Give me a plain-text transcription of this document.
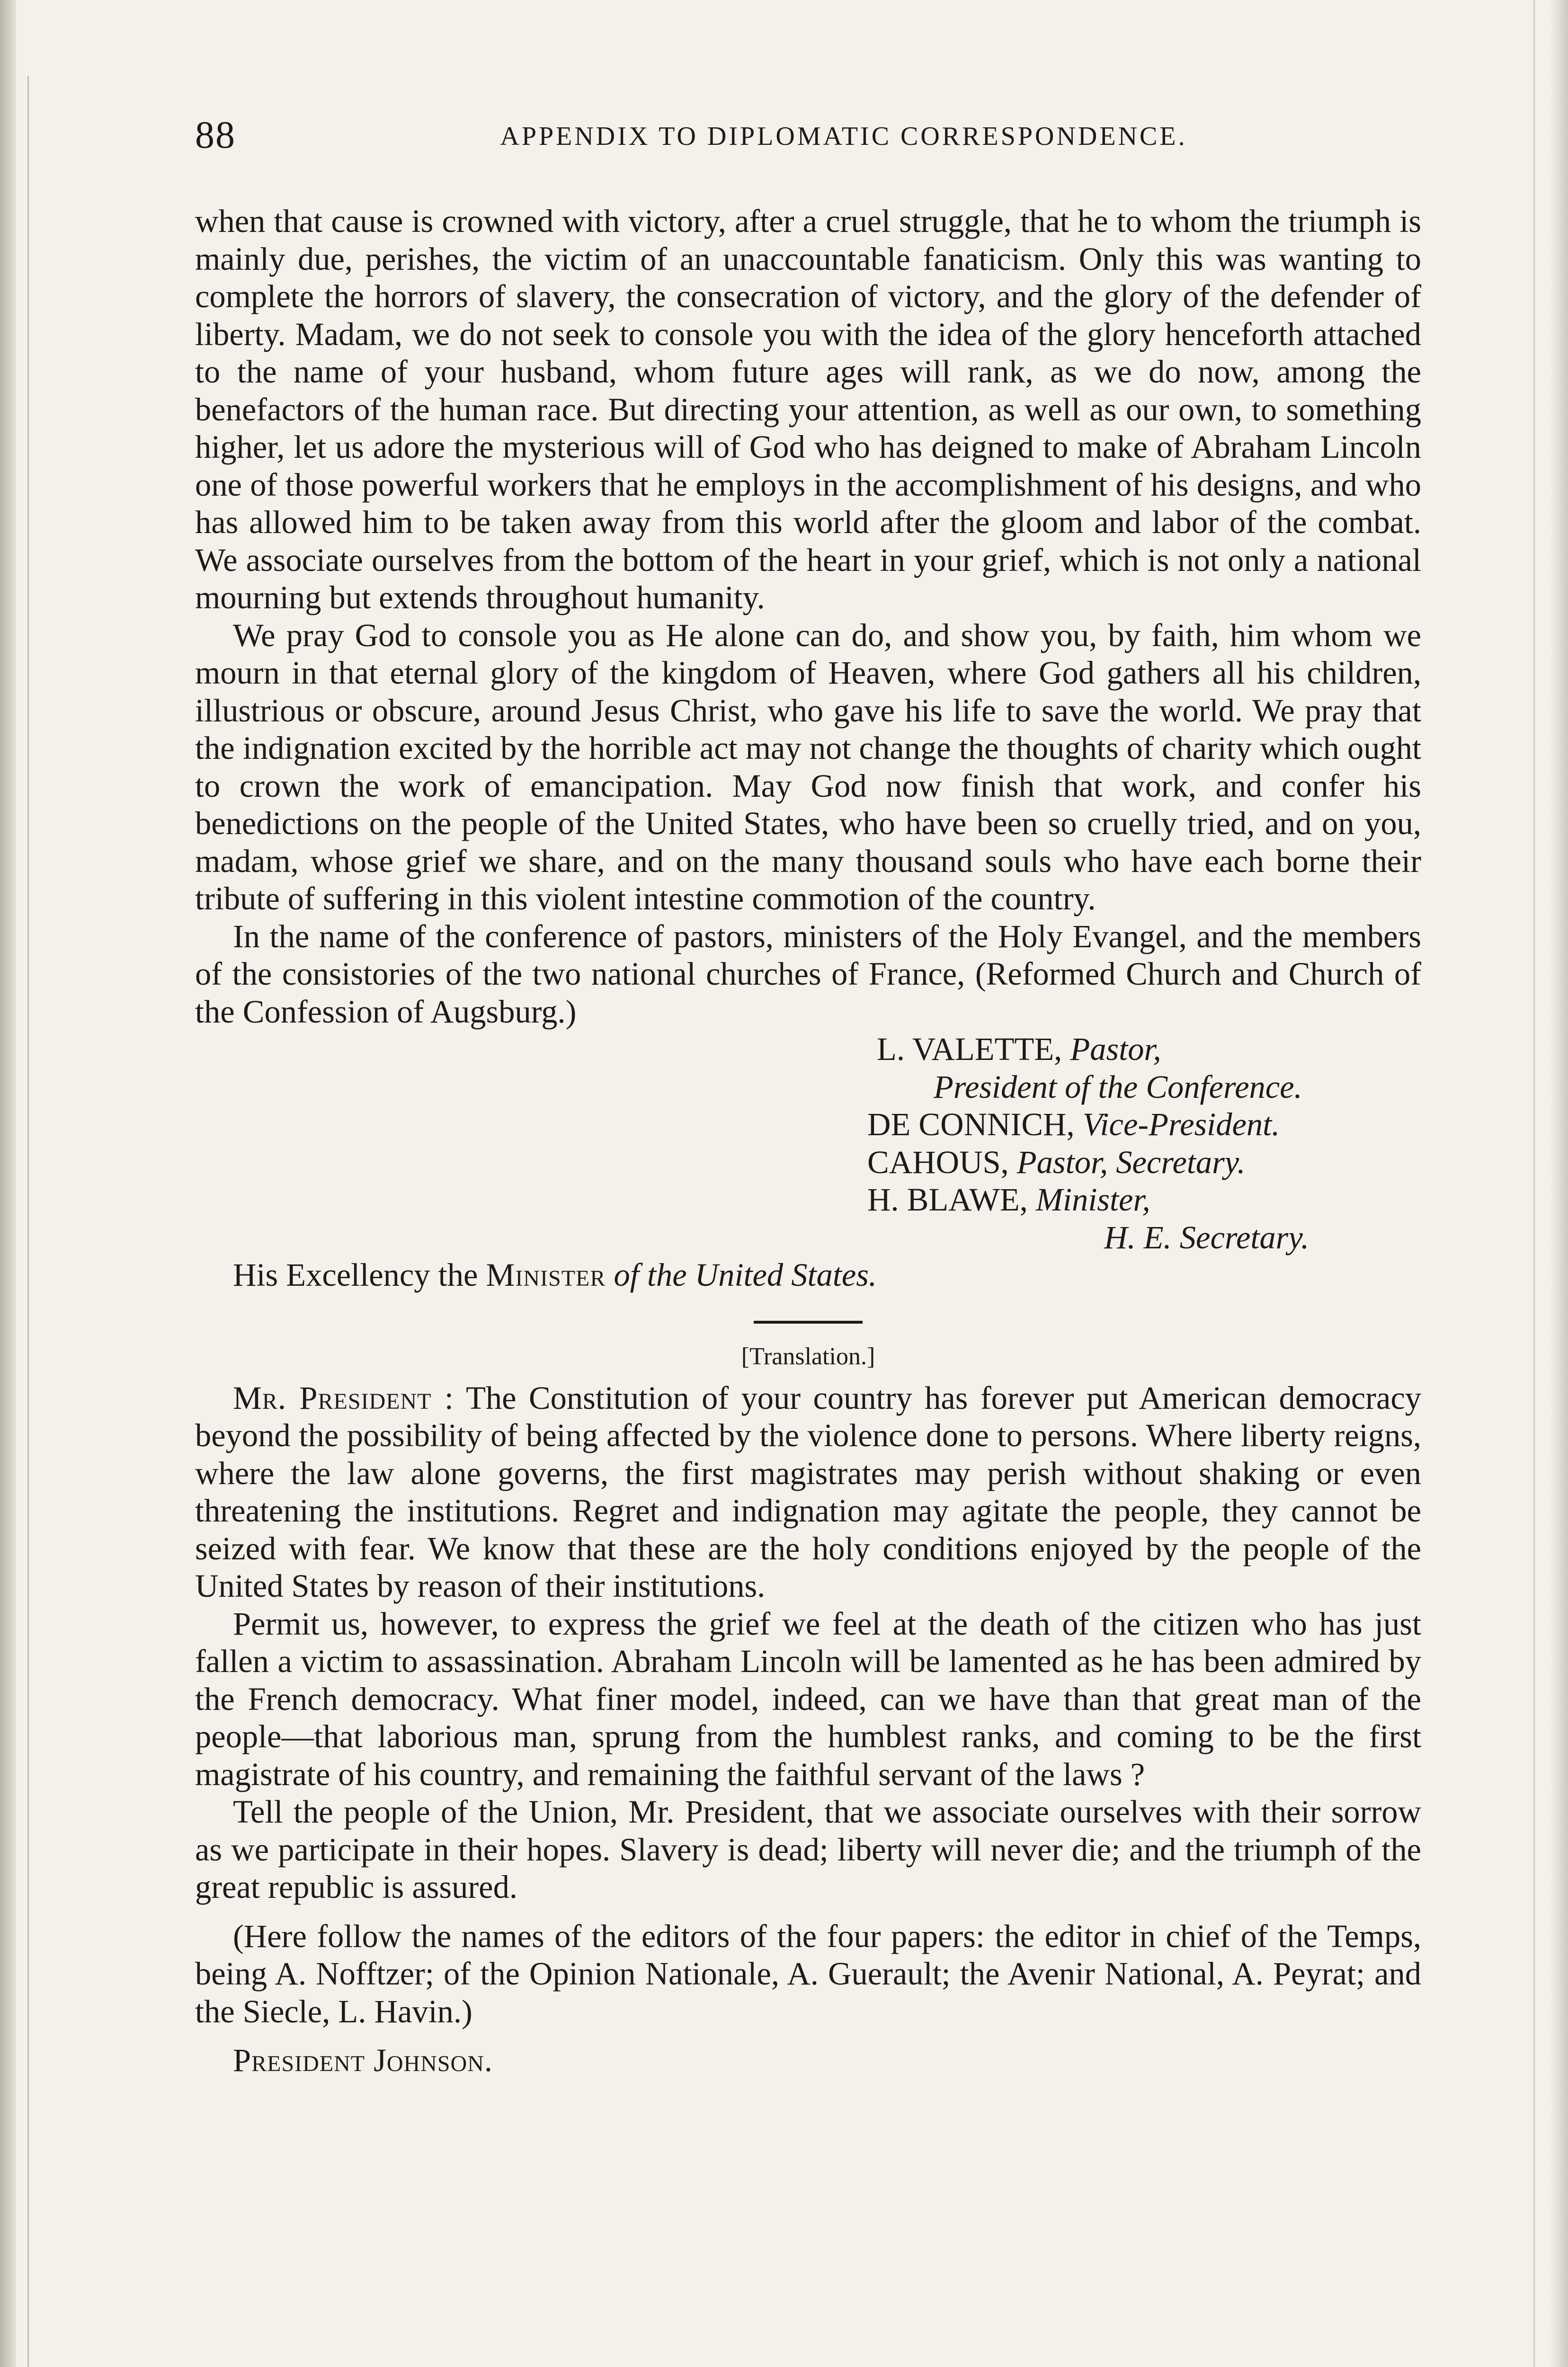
88	APPENDIX TO DIPLOMATIC CORRESPONDENCE.

when that cause is crowned with victory, after a cruel struggle, that he to whom the triumph is mainly due, perishes, the victim of an unaccountable fanaticism. Only this was wanting to complete the horrors of slavery, the consecration of victory, and the glory of the defender of liberty. Madam, we do not seek to console you with the idea of the glory henceforth attached to the name of your husband, whom future ages will rank, as we do now, among the benefactors of the human race. But directing your attention, as well as our own, to something higher, let us adore the mysterious will of God who has deigned to make of Abraham Lincoln one of those powerful workers that he employs in the accomplishment of his designs, and who has allowed him to be taken away from this world after the gloom and labor of the combat. We associate ourselves from the bottom of the heart in your grief, which is not only a national mourning but extends throughout humanity.

We pray God to console you as He alone can do, and show you, by faith, him whom we mourn in that eternal glory of the kingdom of Heaven, where God gathers all his children, illustrious or obscure, around Jesus Christ, who gave his life to save the world. We pray that the indignation excited by the horrible act may not change the thoughts of charity which ought to crown the work of emancipation. May God now finish that work, and confer his benedictions on the people of the United States, who have been so cruelly tried, and on you, madam, whose grief we share, and on the many thousand souls who have each borne their tribute of suffering in this violent intestine commotion of the country.

In the name of the conference of pastors, ministers of the Holy Evangel, and the members of the consistories of the two national churches of France, (Reformed Church and Church of the Confession of Augsburg.)

L. VALETTE, Pastor,

President of the Conference.

DE CONNICH, Vice-President.

CAHOUS, Pastor, Secretary.

H. BLAWE, Minister,

H. E. Secretary.

His Excellency the Minister of the United States.

[Translation.]

Mr. President : The Constitution of your country has forever put American democracy beyond the possibility of being affected by the violence done to persons. Where liberty reigns, where the law alone governs, the first magistrates may perish without shaking or even threatening the institutions. Regret and indignation may agitate the people, they cannot be seized with fear. We know that these are the holy conditions enjoyed by the people of the United States by reason of their institutions.

Permit us, however, to express the grief we feel at the death of the citizen who has just fallen a victim to assassination. Abraham Lincoln will be lamented as he has been admired by the French democracy. What finer model, indeed, can we have than that great man of the people—that laborious man, sprung from the humblest ranks, and coming to be the first magistrate of his country, and remaining the faithful servant of the laws ?

Tell the people of the Union, Mr. President, that we associate ourselves with their sorrow as we participate in their hopes. Slavery is dead; liberty will never die; and the triumph of the great republic is assured.

(Here follow the names of the editors of the four papers: the editor in chief of the Temps, being A. Nofftzer; of the Opinion Nationale, A. Guerault; the Avenir National, A. Peyrat; and the Siecle, L. Havin.)

President Johnson.
